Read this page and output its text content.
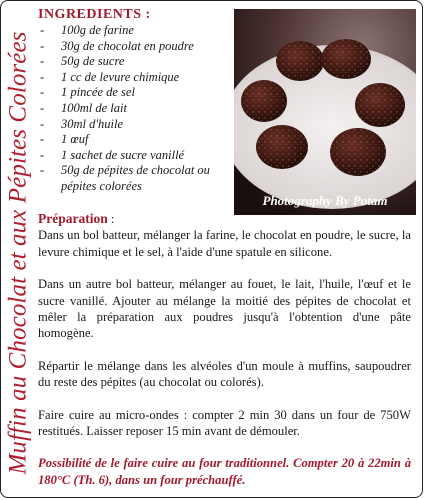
Muffin au Chocolat et aux Pépites Colorées
INGREDIENTS :
- 100g de farine
- 30g de chocolat en poudre
- 50g de sucre
- 1 cc de levure chimique
- 1 pincée de sel
- 100ml de lait
- 30ml d'huile
- 1 œuf
- 1 sachet de sucre vanillé
- 50g de pépites de chocolat ou pépites colorées
Photography By Potam

Préparation :

Dans un bol batteur, mélanger la farine, le chocolat en poudre, le sucre, la levure chimique et le sel, à l'aide d'une spatule en silicone.

Dans un autre bol batteur, mélanger au fouet, le lait, l'huile, l'œuf et le sucre vanillé. Ajouter au mélange la moitié des pépites de chocolat et mêler la préparation aux poudres jusqu'à l'obtention d'une pâte homogène.

Répartir le mélange dans les alvéoles d'un moule à muffins, saupoudrer du reste des pépites (au chocolat ou colorés).

Faire cuire au micro-ondes : compter 2 min 30 dans un four de 750W restitués. Laisser reposer 15 min avant de démouler.

Possibilité de le faire cuire au four traditionnel. Compter 20 à 22min à 180°C (Th. 6), dans un four préchauffé.
